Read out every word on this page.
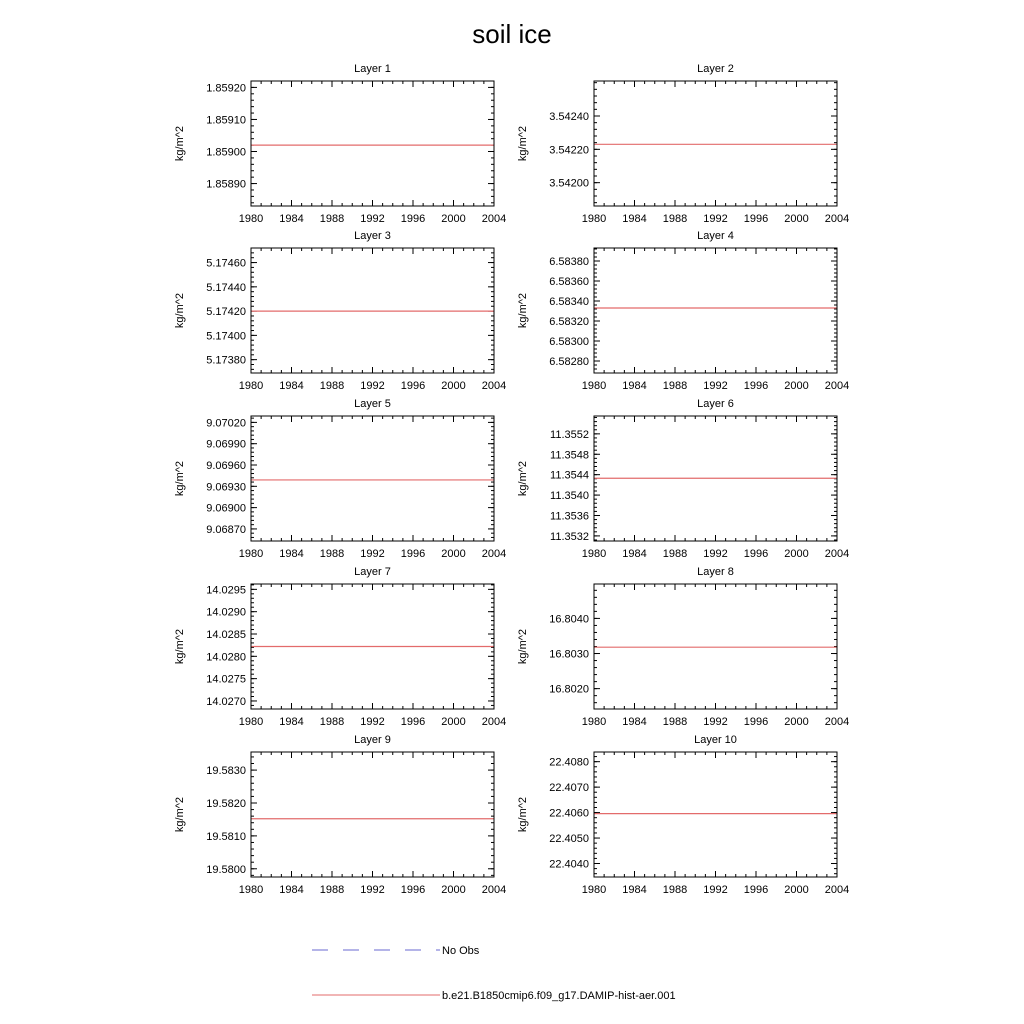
soil ice
Layer 1
kg/m^2
1980 1984 1988 1992 1996 2000 2004
1.85890
1.85900
1.85910
1.85920
Layer 2
kg/m^2
1980 1984 1988 1992 1996 2000 2004
3.54200
3.54220
3.54240
Layer 3
kg/m^2
1980 1984 1988 1992 1996 2000 2004
5.17380
5.17400
5.17420
5.17440
5.17460
Layer 4
kg/m^2
1980 1984 1988 1992 1996 2000 2004
6.58280
6.58300
6.58320
6.58340
6.58360
6.58380
Layer 5
kg/m^2
1980 1984 1988 1992 1996 2000 2004
9.06870
9.06900
9.06930
9.06960
9.06990
9.07020
Layer 6
kg/m^2
1980 1984 1988 1992 1996 2000 2004
11.3532
11.3536
11.3540
11.3544
11.3548
11.3552
Layer 7
kg/m^2
1980 1984 1988 1992 1996 2000 2004
14.0270
14.0275
14.0280
14.0285
14.0290
14.0295
Layer 8
kg/m^2
1980 1984 1988 1992 1996 2000 2004
16.8020
16.8030
16.8040
Layer 9
kg/m^2
1980 1984 1988 1992 1996 2000 2004
19.5800
19.5810
19.5820
19.5830
Layer 10
kg/m^2
1980 1984 1988 1992 1996 2000 2004
22.4040
22.4050
22.4060
22.4070
22.4080
No Obs
b.e21.B1850cmip6.f09_g17.DAMIP-hist-aer.001
